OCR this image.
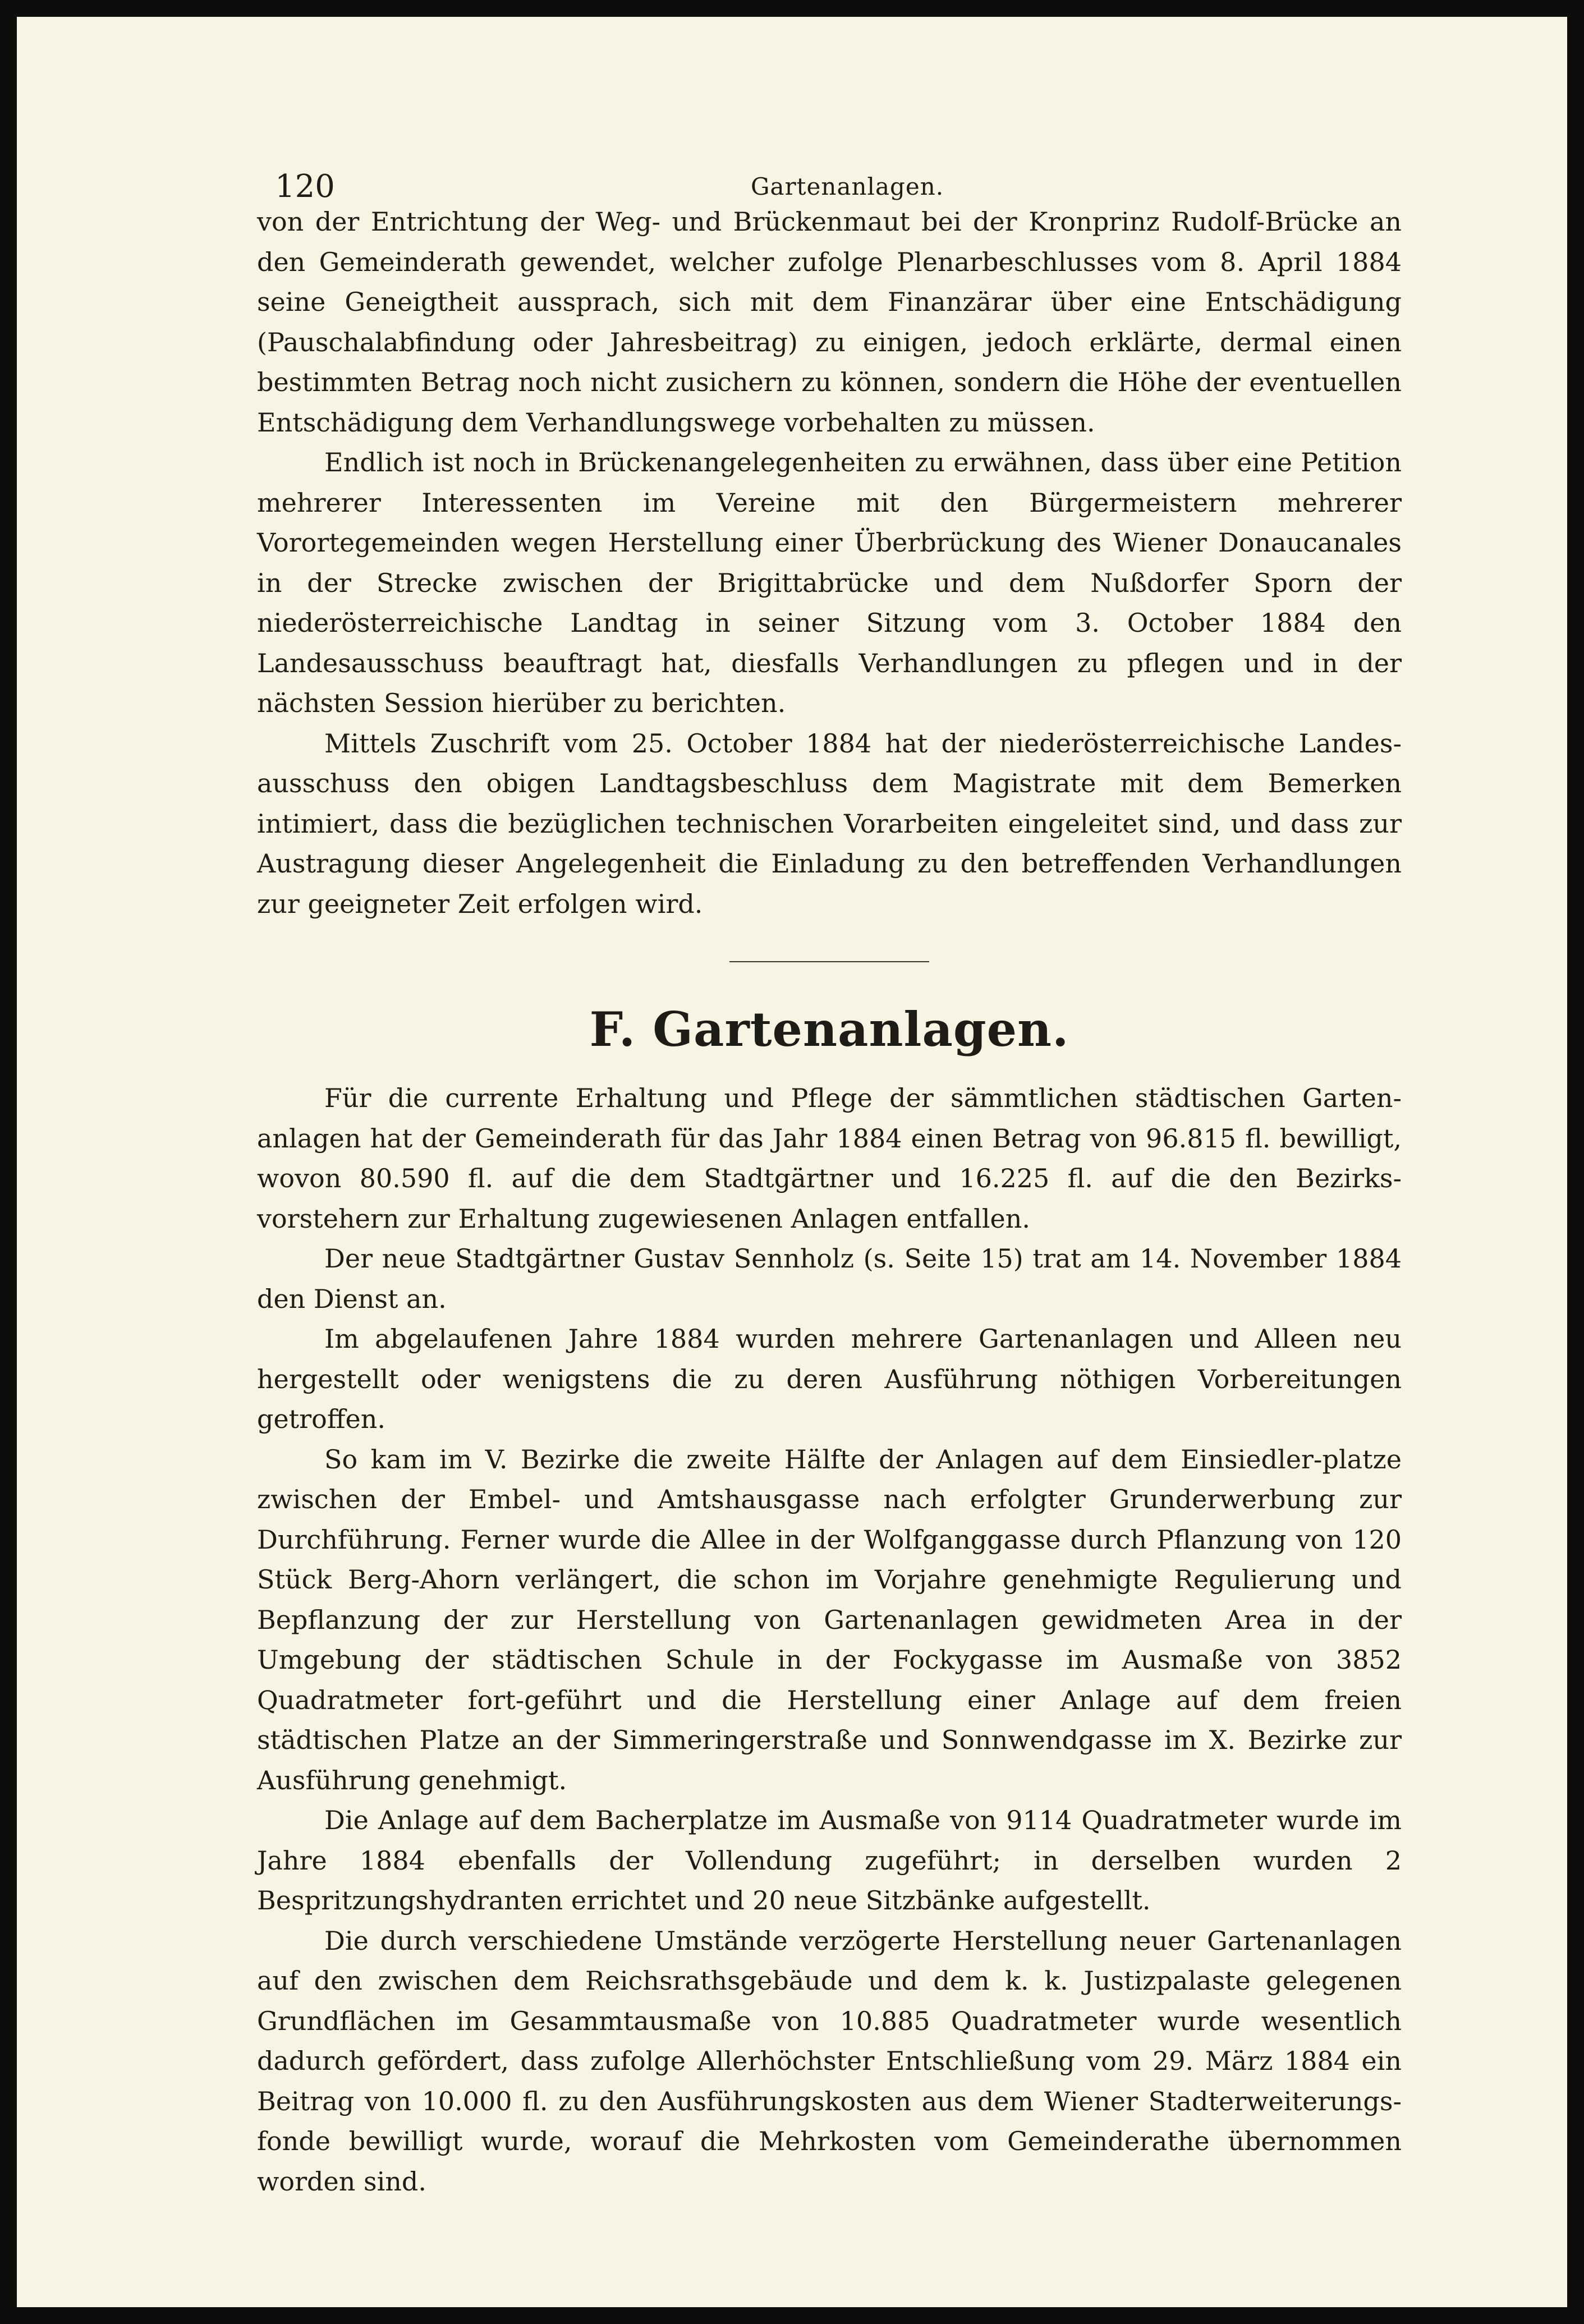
120	Gartenanlagen.

von der Entrichtung der Weg- und Brückenmaut bei der Kronprinz Rudolf-Brücke an den Gemeinderath gewendet, welcher zufolge Plenarbeschlusses vom 8. April 1884 seine Geneigtheit aussprach, sich mit dem Finanzärar über eine Entschädigung (Pauschalabfindung oder Jahresbeitrag) zu einigen, jedoch erklärte, dermal einen bestimmten Betrag noch nicht zusichern zu können, sondern die Höhe der eventuellen Entschädigung dem Verhandlungswege vorbehalten zu müssen.

Endlich ist noch in Brückenangelegenheiten zu erwähnen, dass über eine Petition mehrerer Interessenten im Vereine mit den Bürgermeistern mehrerer Vorortegemeinden wegen Herstellung einer Überbrückung des Wiener Donaucanales in der Strecke zwischen der Brigittabrücke und dem Nußdorfer Sporn der niederösterreichische Landtag in seiner Sitzung vom 3. October 1884 den Landesausschuss beauftragt hat, diesfalls Verhandlungen zu pflegen und in der nächsten Session hierüber zu berichten.

Mittels Zuschrift vom 25. October 1884 hat der niederösterreichische Landes-ausschuss den obigen Landtagsbeschluss dem Magistrate mit dem Bemerken intimiert, dass die bezüglichen technischen Vorarbeiten eingeleitet sind, und dass zur Austragung dieser Angelegenheit die Einladung zu den betreffenden Verhandlungen zur geeigneter Zeit erfolgen wird.

F. Gartenanlagen.

Für die currente Erhaltung und Pflege der sämmtlichen städtischen Garten-anlagen hat der Gemeinderath für das Jahr 1884 einen Betrag von 96.815 fl. bewilligt, wovon 80.590 fl. auf die dem Stadtgärtner und 16.225 fl. auf die den Bezirks-vorstehern zur Erhaltung zugewiesenen Anlagen entfallen.

Der neue Stadtgärtner Gustav Sennholz (s. Seite 15) trat am 14. November 1884 den Dienst an.

Im abgelaufenen Jahre 1884 wurden mehrere Gartenanlagen und Alleen neu hergestellt oder wenigstens die zu deren Ausführung nöthigen Vorbereitungen getroffen.

So kam im V. Bezirke die zweite Hälfte der Anlagen auf dem Einsiedler-platze zwischen der Embel- und Amtshausgasse nach erfolgter Grunderwerbung zur Durchführung. Ferner wurde die Allee in der Wolfganggasse durch Pflanzung von 120 Stück Berg-Ahorn verlängert, die schon im Vorjahre genehmigte Regulierung und Bepflanzung der zur Herstellung von Gartenanlagen gewidmeten Area in der Umgebung der städtischen Schule in der Fockygasse im Ausmaße von 3852 Quadratmeter fort-geführt und die Herstellung einer Anlage auf dem freien städtischen Platze an der Simmeringerstraße und Sonnwendgasse im X. Bezirke zur Ausführung genehmigt.

Die Anlage auf dem Bacherplatze im Ausmaße von 9114 Quadratmeter wurde im Jahre 1884 ebenfalls der Vollendung zugeführt; in derselben wurden 2 Bespritzungshydranten errichtet und 20 neue Sitzbänke aufgestellt.

Die durch verschiedene Umstände verzögerte Herstellung neuer Gartenanlagen auf den zwischen dem Reichsrathsgebäude und dem k. k. Justizpalaste gelegenen Grundflächen im Gesammtausmaße von 10.885 Quadratmeter wurde wesentlich dadurch gefördert, dass zufolge Allerhöchster Entschließung vom 29. März 1884 ein Beitrag von 10.000 fl. zu den Ausführungskosten aus dem Wiener Stadterweiterungs-fonde bewilligt wurde, worauf die Mehrkosten vom Gemeinderathe übernommen worden sind.
